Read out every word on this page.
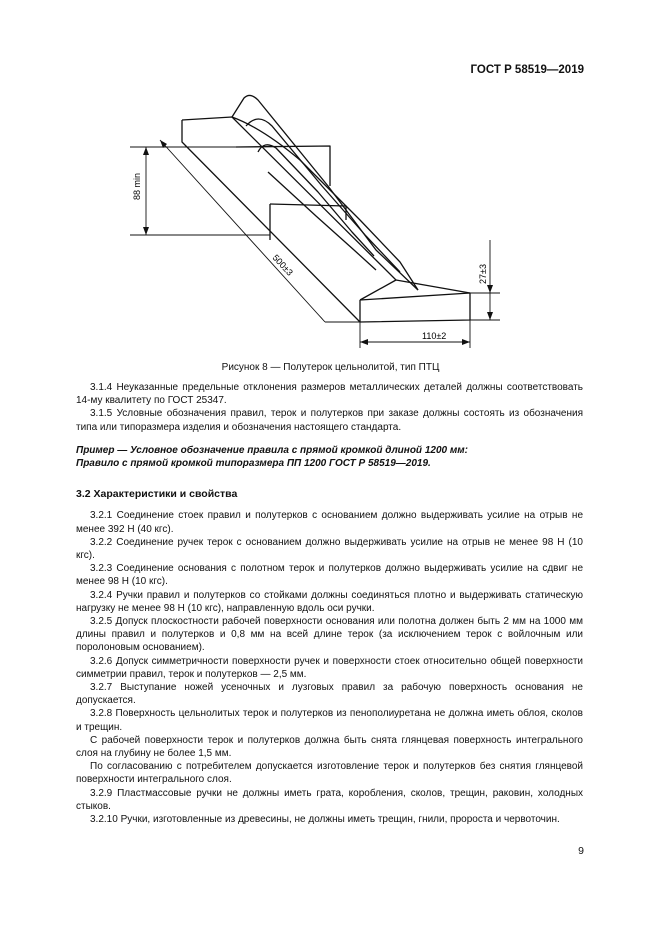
ГОСТ Р 58519—2019
88 min
500±3	27±3
110±2
Рисунок 8 — Полутерок цельнолитой, тип ПТЦ

3.1.4 Неуказанные предельные отклонения размеров металлических деталей должны соответствовать 14-му квалитету по ГОСТ 25347.

3.1.5 Условные обозначения правил, терок и полутерков при заказе должны состоять из обозначения типа или типоразмера изделия и обозначения настоящего стандарта.

Пример — Условное обозначение правила с прямой кромкой длиной 1200 мм:

Правило с прямой кромкой типоразмера ПП 1200 ГОСТ Р 58519—2019.

3.2 Характеристики и свойства

3.2.1 Соединение стоек правил и полутерков с основанием должно выдерживать усилие на отрыв не менее 392 Н (40 кгс).

3.2.2 Соединение ручек терок с основанием должно выдерживать усилие на отрыв не менее 98 Н (10 кгс).

3.2.3 Соединение основания с полотном терок и полутерков должно выдерживать усилие на сдвиг не менее 98 Н (10 кгс).

3.2.4 Ручки правил и полутерков со стойками должны соединяться плотно и выдерживать статическую нагрузку не менее 98 Н (10 кгс), направленную вдоль оси ручки.

3.2.5 Допуск плоскостности рабочей поверхности основания или полотна должен быть 2 мм на 1000 мм длины правил и полутерков и 0,8 мм на всей длине терок (за исключением терок с войлочным или поролоновым основанием).

3.2.6 Допуск симметричности поверхности ручек и поверхности стоек относительно общей поверхности симметрии правил, терок и полутерков — 2,5 мм.

3.2.7 Выступание ножей усеночных и лузговых правил за рабочую поверхность основания не допускается.

3.2.8 Поверхность цельнолитых терок и полутерков из пенополиуретана не должна иметь облоя, сколов и трещин.

С рабочей поверхности терок и полутерков должна быть снята глянцевая поверхность интегрального слоя на глубину не более 1,5 мм.

По согласованию с потребителем допускается изготовление терок и полутерков без снятия глянцевой поверхности интегрального слоя.

3.2.9 Пластмассовые ручки не должны иметь грата, коробления, сколов, трещин, раковин, холодных стыков.

3.2.10 Ручки, изготовленные из древесины, не должны иметь трещин, гнили, пророста и червоточин.

9
